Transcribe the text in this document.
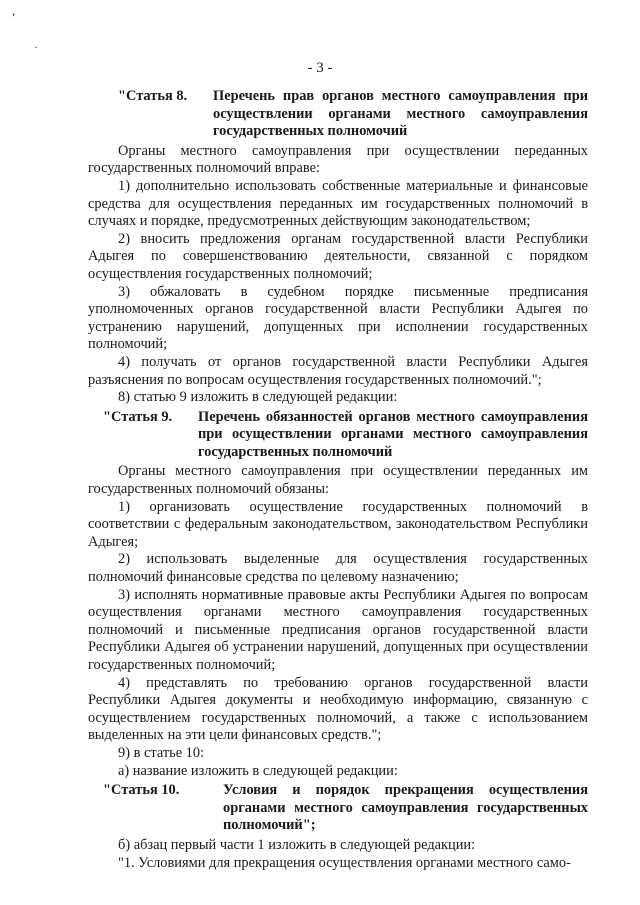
'
·
- 3 -
"Статья 8.	Перечень прав органов местного самоуправления при осуществлении органами местного самоуправления государственных полномочий

Органы местного самоуправления при осуществлении переданных государственных полномочий вправе:

1) дополнительно использовать собственные материальные и финансовые средства для осуществления переданных им государственных полномочий в случаях и порядке, предусмотренных действующим законодательством;

2) вносить предложения органам государственной власти Республики Адыгея по совершенствованию деятельности, связанной с порядком осуществления государственных полномочий;

3) обжаловать в судебном порядке письменные предписания уполномоченных органов государственной власти Республики Адыгея по устранению нарушений, допущенных при исполнении государственных полномочий;

4) получать от органов государственной власти Республики Адыгея разъяснения по вопросам осуществления государственных полномочий.";

8) статью 9 изложить в следующей редакции:

"Статья 9.	Перечень обязанностей органов местного самоуправления при осуществлении органами местного самоуправления государственных полномочий

Органы местного самоуправления при осуществлении переданных им государственных полномочий обязаны:

1) организовать осуществление государственных полномочий в соответствии с федеральным законодательством, законодательством Республики Адыгея;

2) использовать выделенные для осуществления государственных полномочий финансовые средства по целевому назначению;

3) исполнять нормативные правовые акты Республики Адыгея по вопросам осуществления органами местного самоуправления государственных полномочий и письменные предписания органов государственной власти Республики Адыгея об устранении нарушений, допущенных при осуществлении государственных полномочий;

4) представлять по требованию органов государственной власти Республики Адыгея документы и необходимую информацию, связанную с осуществлением государственных полномочий, а также с использованием выделенных на эти цели финансовых средств.";

9) в статье 10:

а) название изложить в следующей редакции:

"Статья 10.	Условия и порядок прекращения осуществления органами местного самоуправления государственных полномочий";

б) абзац первый части 1 изложить в следующей редакции:

"1. Условиями для прекращения осуществления органами местного само-
